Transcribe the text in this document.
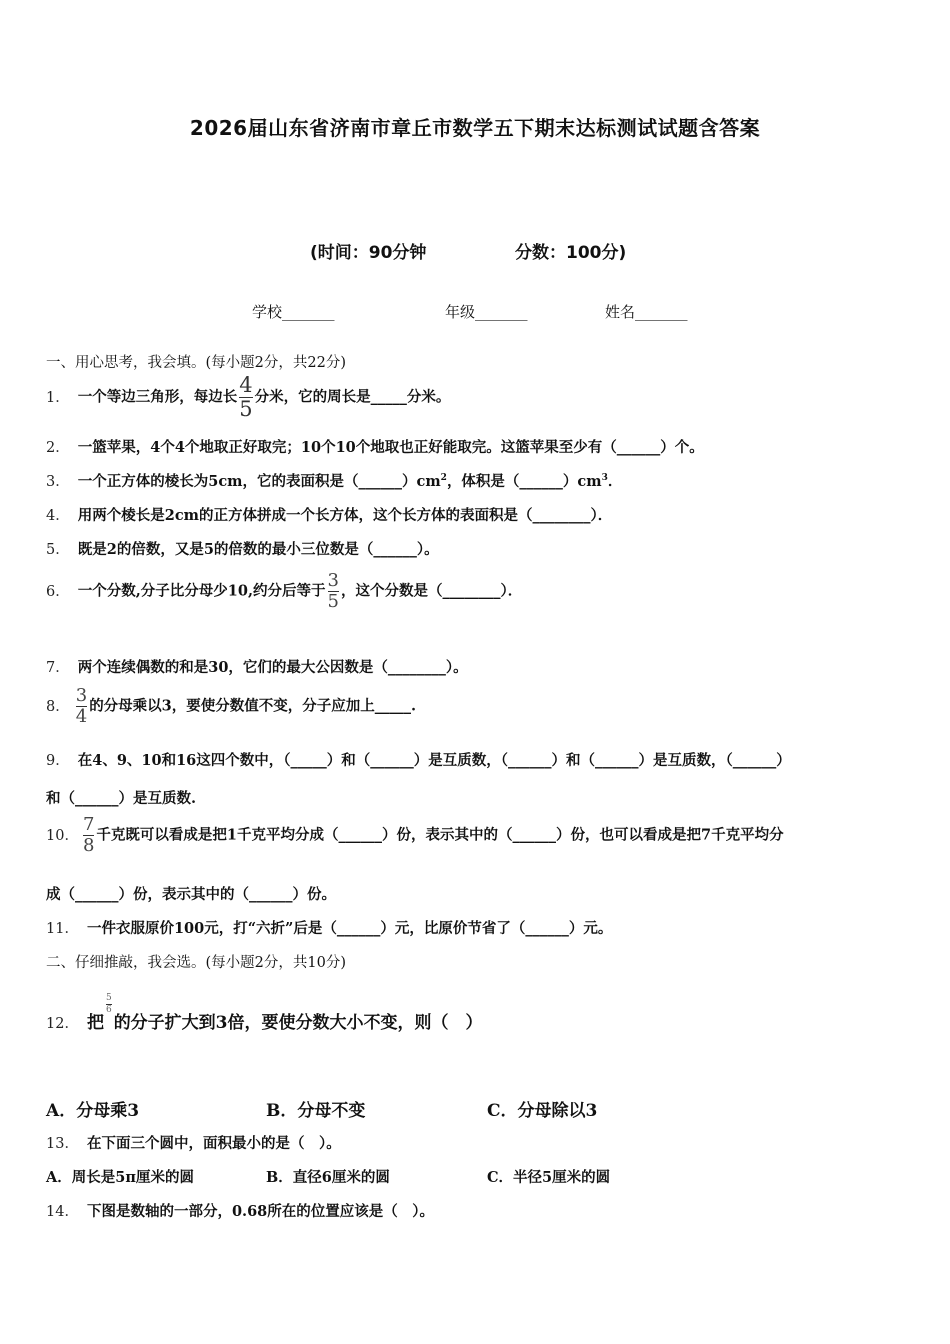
2026届山东省济南市章丘市数学五下期末达标测试试题含答案
(时间：90分钟	分数：100分)
学校_______	年级_______	姓名_______
一、用心思考，我会填。(每小题2分，共22分)
1． 一个等边三角形，每边长 $\frac{4}{5}$ 分米，它的周长是_____分米。
2． 一篮苹果，4个4个地取正好取完；10个10个地取也正好能取完。这篮苹果至少有（______）个。
3． 一个正方体的棱长为5cm，它的表面积是$(\_\_\_\_\_\_)cm^2$，体积是$(\_\_\_\_\_\_)cm^3$．
4． 用两个棱长是2cm的正方体拼成一个长方体，这个长方体的表面积是（________）．
5． 既是2的倍数，又是5的倍数的最小三位数是（______）。
6． 一个分数,分子比分母少10,约分后等于 $\frac{3}{5}$ ，这个分数是（________）．
7． 两个连续偶数的和是30，它们的最大公因数是（________）。
8． $\frac{3}{4}$ 的分母乘以3，要使分数值不变，分子应加上_____.
9． 在4、9、10和16这四个数中，（_____）和（______）是互质数，（______）和（______）是互质数，（______）
和（______）是互质数.
10． $\frac{7}{8}$ 千克既可以看成是把1千克平均分成（______）份，表示其中的（______）份，也可以看成是把7千克平均分
成（______）份，表示其中的（______）份。
11． 一件衣服原价100元，打“六折”后是（______）元，比原价节省了（______）元。
二、仔细推敲，我会选。(每小题2分，共10分)
12． 把
$\frac{5}{6}$
的分子扩大到3倍，要使分数大小不变，则（　）
A．分母乘3	B．分母不变	C．分母除以3
13． 在下面三个圆中，面积最小的是（　）。
A．周长是5π厘米的圆	B．直径6厘米的圆	C．半径5厘米的圆
14． 下图是数轴的一部分，0.68所在的位置应该是（　）。
